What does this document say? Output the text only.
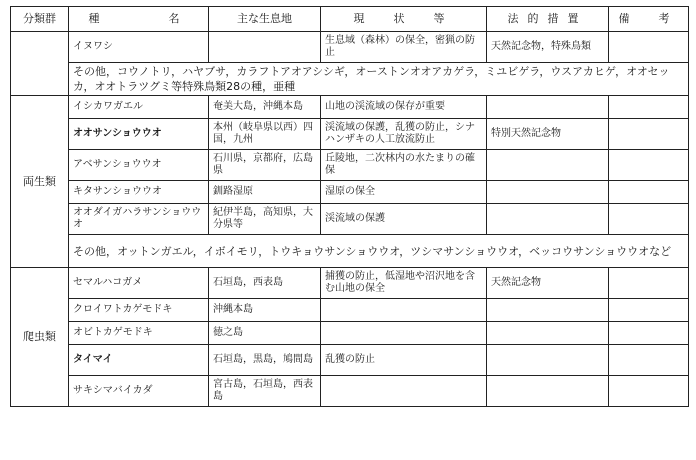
分類群	種　　　名	主な生息地	現　状　等	法的措置	備　考
	イヌワシ		生息域（森林）の保全，密猟の防止	天然記念物，特殊鳥類	
	その他，コウノトリ，ハヤブサ，カラフトアオアシシギ，オーストンオオアカゲラ，ミユビゲラ，ウスアカヒゲ，オオセッカ，オオトラツグミ等特殊鳥類28の種，亜種				
両生類	イシカワガエル	奄美大島，沖縄本島	山地の渓流域の保存が重要		
	オオサンショウウオ	本州（岐阜県以西）四国，九州	渓流域の保護，乱獲の防止，シナハンザキの人工放流防止	特別天然記念物	
	アベサンショウウオ	石川県，京都府，広島県	丘陵地，二次林内の水たまりの確保		
	キタサンショウウオ	釧路湿原	湿原の保全		
	オオダイガハラサンショウウオ	紀伊半島，高知県，大分県等	渓流域の保護		
	その他，オットンガエル，イボイモリ，トウキョウサンショウウオ，ツシマサンショウウオ，ベッコウサンショウウオなど				
爬虫類	セマルハコガメ	石垣島，西表島	捕獲の防止，低湿地や沼沢地を含む山地の保全	天然記念物	
	クロイワトカゲモドキ	沖縄本島			
	オビトカゲモドキ	徳之島			
	タイマイ	石垣島，黒島，鳩間島	乱獲の防止		
	サキシマバイカダ	宮古島，石垣島，西表島			
